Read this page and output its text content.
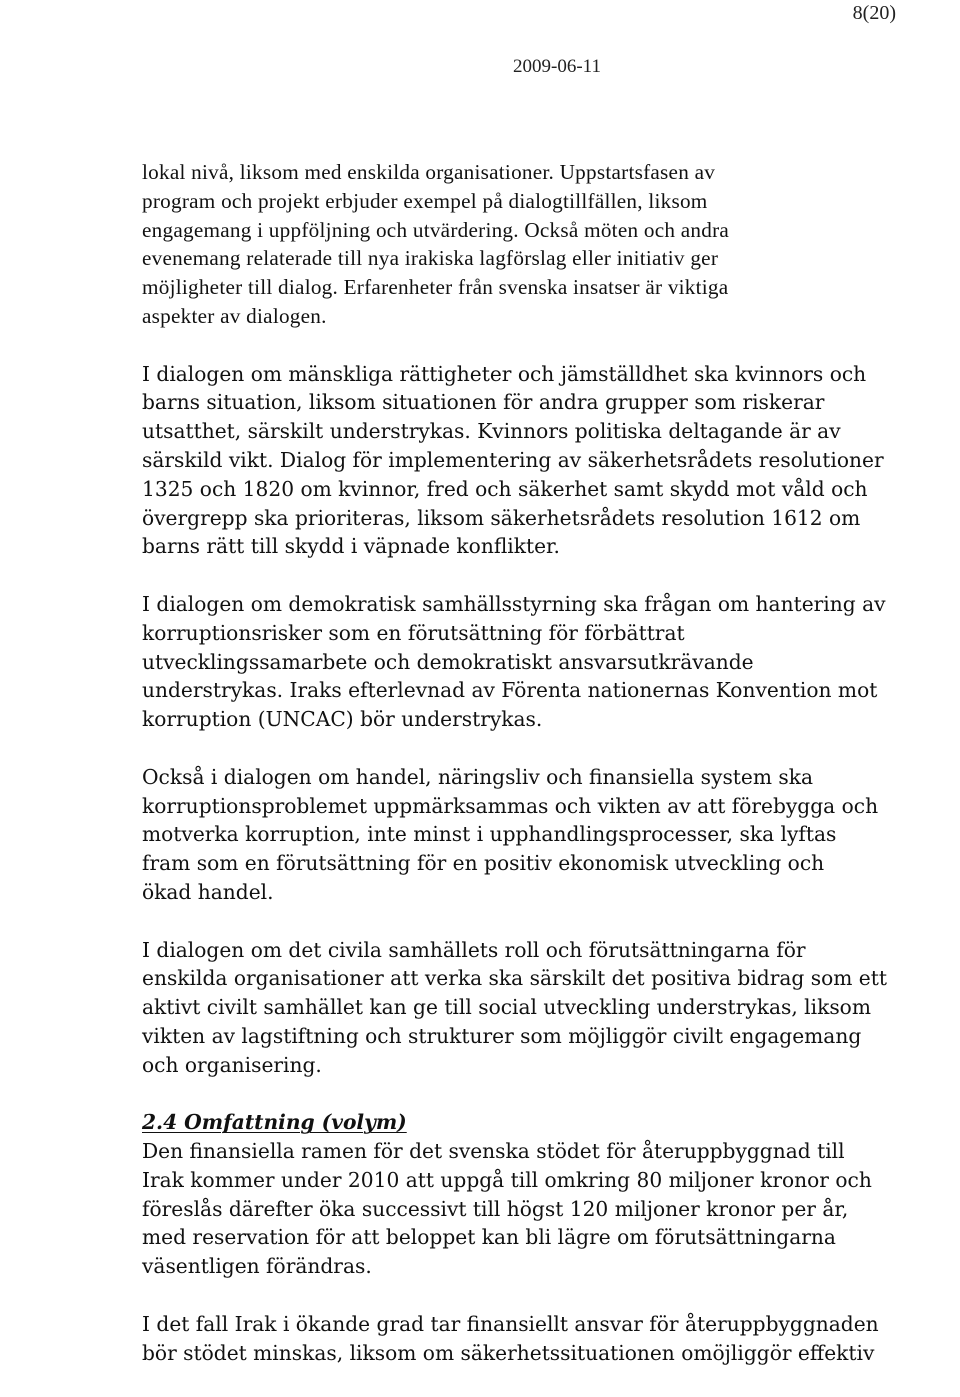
8(20)
2009-06-11

lokal nivå, liksom med enskilda organisationer. Uppstartsfasen av
program och projekt erbjuder exempel på dialogtillfällen, liksom
engagemang i uppföljning och utvärdering. Också möten och andra
evenemang relaterade till nya irakiska lagförslag eller initiativ ger
möjligheter till dialog. Erfarenheter från svenska insatser är viktiga
aspekter av dialogen.

I dialogen om mänskliga rättigheter och jämställdhet ska kvinnors och
barns situation, liksom situationen för andra grupper som riskerar
utsatthet, särskilt understrykas. Kvinnors politiska deltagande är av
särskild vikt. Dialog för implementering av säkerhetsrådets resolutioner
1325 och 1820 om kvinnor, fred och säkerhet samt skydd mot våld och
övergrepp ska prioriteras, liksom säkerhetsrådets resolution 1612 om
barns rätt till skydd i väpnade konflikter.

I dialogen om demokratisk samhällsstyrning ska frågan om hantering av
korruptionsrisker som en förutsättning för förbättrat
utvecklingssamarbete och demokratiskt ansvarsutkrävande
understrykas. Iraks efterlevnad av Förenta nationernas Konvention mot
korruption (UNCAC) bör understrykas.

Också i dialogen om handel, näringsliv och finansiella system ska
korruptionsproblemet uppmärksammas och vikten av att förebygga och
motverka korruption, inte minst i upphandlingsprocesser, ska lyftas
fram som en förutsättning för en positiv ekonomisk utveckling och
ökad handel.

I dialogen om det civila samhällets roll och förutsättningarna för
enskilda organisationer att verka ska särskilt det positiva bidrag som ett
aktivt civilt samhället kan ge till social utveckling understrykas, liksom
vikten av lagstiftning och strukturer som möjliggör civilt engagemang
och organisering.

2.4 Omfattning (volym)

Den finansiella ramen för det svenska stödet för återuppbyggnad till
Irak kommer under 2010 att uppgå till omkring 80 miljoner kronor och
föreslås därefter öka successivt till högst 120 miljoner kronor per år,
med reservation för att beloppet kan bli lägre om förutsättningarna
väsentligen förändras.

I det fall Irak i ökande grad tar finansiellt ansvar för återuppbyggnaden
bör stödet minskas, liksom om säkerhetssituationen omöjliggör effektiv
